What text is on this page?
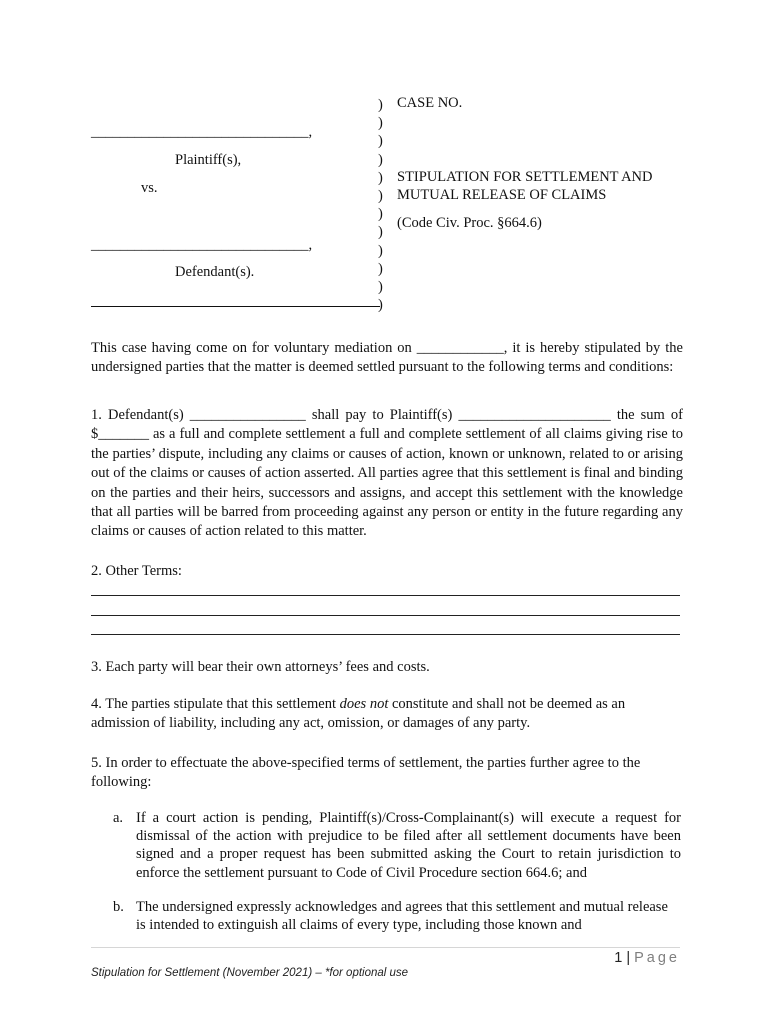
______________________________,
Plaintiff(s),
vs.
______________________________,
Defendant(s).
)
)
)
)
)
)
)
)
)
)
)
)
CASE NO.
STIPULATION FOR SETTLEMENT AND
MUTUAL RELEASE OF CLAIMS
(Code Civ. Proc. §664.6)
This case having come on for voluntary mediation on ____________, it is hereby stipulated by the undersigned parties that the matter is deemed settled pursuant to the following terms and conditions:
1. Defendant(s) ________________ shall pay to Plaintiff(s) _____________________ the sum of $_______ as a full and complete settlement a full and complete settlement of all claims giving rise to the parties’ dispute, including any claims or causes of action, known or unknown, related to or arising out of the claims or causes of action asserted. All parties agree that this settlement is final and binding on the parties and their heirs, successors and assigns, and accept this settlement with the knowledge that all parties will be barred from proceeding against any person or entity in the future regarding any claims or causes of action related to this matter.
2. Other Terms:
3. Each party will bear their own attorneys’ fees and costs.
4. The parties stipulate that this settlement does not constitute and shall not be deemed as an admission of liability, including any act, omission, or damages of any party.
5. In order to effectuate the above-specified terms of settlement, the parties further agree to the following:
a. If a court action is pending, Plaintiff(s)/Cross-Complainant(s) will execute a request for dismissal of the action with prejudice to be filed after all settlement documents have been signed and a proper request has been submitted asking the Court to retain jurisdiction to enforce the settlement pursuant to Code of Civil Procedure section 664.6; and
b. The undersigned expressly acknowledges and agrees that this settlement and mutual release is intended to extinguish all claims of every type, including those known and
1 | Page
Stipulation for Settlement (November 2021) – *for optional use
